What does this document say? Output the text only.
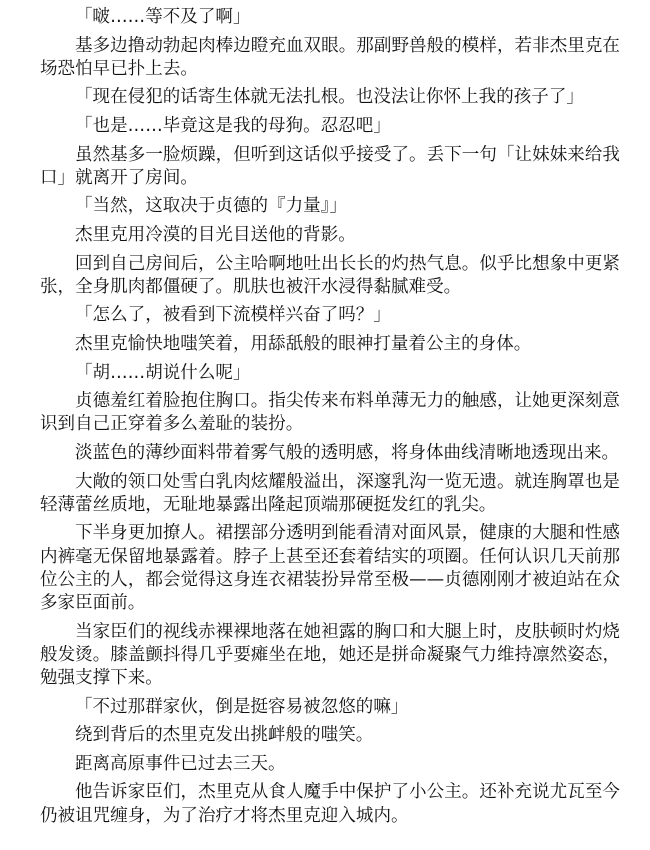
「啵……等不及了啊」

基多边撸动勃起肉棒边瞪充血双眼。那副野兽般的模样，若非杰里克在场恐怕早已扑上去。

「现在侵犯的话寄生体就无法扎根。也没法让你怀上我的孩子了」

「也是……毕竟这是我的母狗。忍忍吧」

虽然基多一脸烦躁，但听到这话似乎接受了。丢下一句「让妹妹来给我口」就离开了房间。

「当然，这取决于贞德的『力量』」

杰里克用冷漠的目光目送他的背影。

回到自己房间后，公主哈啊地吐出长长的灼热气息。似乎比想象中更紧张，全身肌肉都僵硬了。肌肤也被汗水浸得黏腻难受。

「怎么了，被看到下流模样兴奋了吗？」

杰里克愉快地嗤笑着，用舔舐般的眼神打量着公主的身体。

「胡……胡说什么呢」

贞德羞红着脸抱住胸口。指尖传来布料单薄无力的触感，让她更深刻意识到自己正穿着多么羞耻的装扮。

淡蓝色的薄纱面料带着雾气般的透明感，将身体曲线清晰地透现出来。

大敞的领口处雪白乳肉炫耀般溢出，深邃乳沟一览无遗。就连胸罩也是轻薄蕾丝质地，无耻地暴露出隆起顶端那硬挺发红的乳尖。

下半身更加撩人。裙摆部分透明到能看清对面风景，健康的大腿和性感内裤毫无保留地暴露着。脖子上甚至还套着结实的项圈。任何认识几天前那位公主的人，都会觉得这身连衣裙装扮异常至极——贞德刚刚才被迫站在众多家臣面前。

当家臣们的视线赤裸裸地落在她袒露的胸口和大腿上时，皮肤顿时灼烧般发烫。膝盖颤抖得几乎要瘫坐在地，她还是拼命凝聚气力维持凛然姿态，勉强支撑下来。

「不过那群家伙，倒是挺容易被忽悠的嘛」

绕到背后的杰里克发出挑衅般的嗤笑。

距离高原事件已过去三天。

他告诉家臣们，杰里克从食人魔手中保护了小公主。还补充说尤瓦至今仍被诅咒缠身，为了治疗才将杰里克迎入城内。
